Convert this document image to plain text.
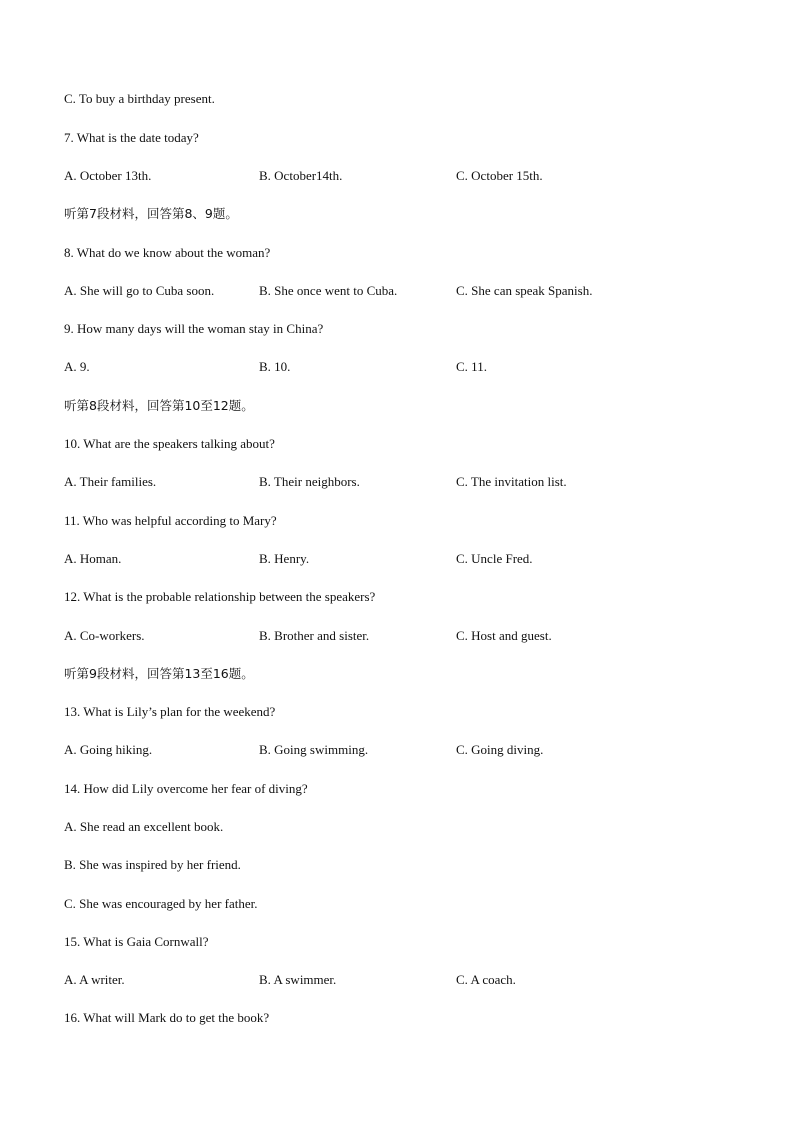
C. To buy a birthday present.
7. What is the date today?
A. October 13th.	B. October14th.	C. October 15th.
听第7段材料，回答第8、9题。
8. What do we know about the woman?
A. She will go to Cuba soon.	B. She once went to Cuba.	C. She can speak Spanish.
9. How many days will the woman stay in China?
A. 9.	B. 10.	C. 11.
听第8段材料，回答第10至12题。
10. What are the speakers talking about?
A. Their families.	B. Their neighbors.	C. The invitation list.
11. Who was helpful according to Mary?
A. Homan.	B. Henry.	C. Uncle Fred.
12. What is the probable relationship between the speakers?
A. Co-workers.	B. Brother and sister.	C. Host and guest.
听第9段材料，回答第13至16题。
13. What is Lily’s plan for the weekend?
A. Going hiking.	B. Going swimming.	C. Going diving.
14. How did Lily overcome her fear of diving?
A. She read an excellent book.
B. She was inspired by her friend.
C. She was encouraged by her father.
15. What is Gaia Cornwall?
A. A writer.	B. A swimmer.	C. A coach.
16. What will Mark do to get the book?
